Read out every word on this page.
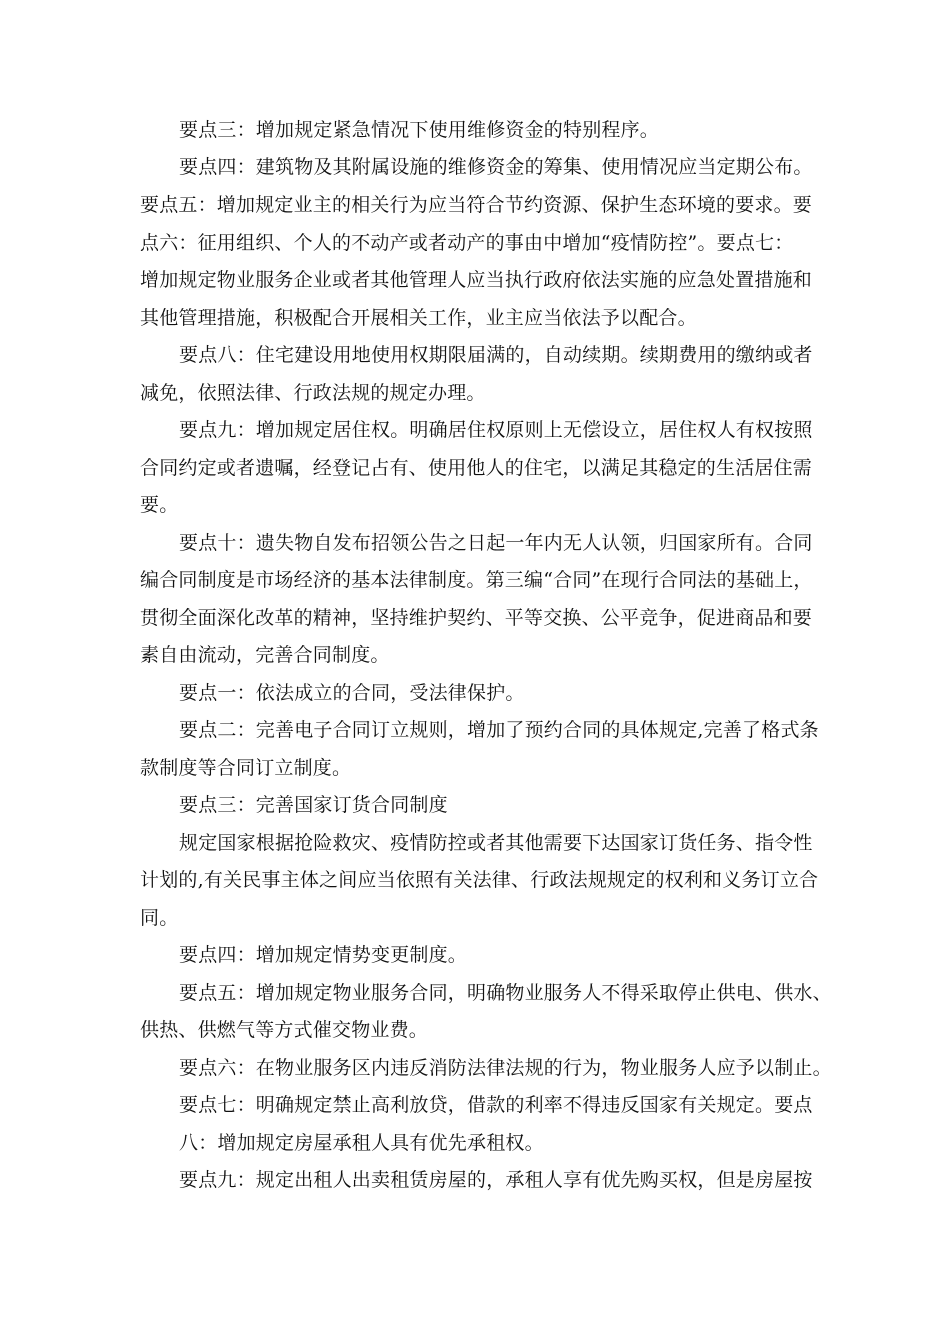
要点三：增加规定紧急情况下使用维修资金的特别程序。
要点四：建筑物及其附属设施的维修资金的筹集、使用情况应当定期公布。
要点五：增加规定业主的相关行为应当符合节约资源、保护生态环境的要求。要
点六：征用组织、个人的不动产或者动产的事由中增加“疫情防控”。要点七：
增加规定物业服务企业或者其他管理人应当执行政府依法实施的应急处置措施和
其他管理措施，积极配合开展相关工作，业主应当依法予以配合。
要点八：住宅建设用地使用权期限届满的，自动续期。续期费用的缴纳或者
减免，依照法律、行政法规的规定办理。
要点九：增加规定居住权。明确居住权原则上无偿设立，居住权人有权按照
合同约定或者遗嘱，经登记占有、使用他人的住宅，以满足其稳定的生活居住需
要。
要点十：遗失物自发布招领公告之日起一年内无人认领，归国家所有。合同
编合同制度是市场经济的基本法律制度。第三编“合同”在现行合同法的基础上，
贯彻全面深化改革的精神，坚持维护契约、平等交换、公平竞争，促进商品和要
素自由流动，完善合同制度。
要点一：依法成立的合同，受法律保护。
要点二：完善电子合同订立规则，增加了预约合同的具体规定,完善了格式条
款制度等合同订立制度。
要点三：完善国家订货合同制度
规定国家根据抢险救灾、疫情防控或者其他需要下达国家订货任务、指令性
计划的,有关民事主体之间应当依照有关法律、行政法规规定的权利和义务订立合
同。
要点四：增加规定情势变更制度。
要点五：增加规定物业服务合同，明确物业服务人不得采取停止供电、供水、
供热、供燃气等方式催交物业费。
要点六：在物业服务区内违反消防法律法规的行为，物业服务人应予以制止。
要点七：明确规定禁止高利放贷，借款的利率不得违反国家有关规定。要点
八：增加规定房屋承租人具有优先承租权。
要点九：规定出租人出卖租赁房屋的，承租人享有优先购买权，但是房屋按
